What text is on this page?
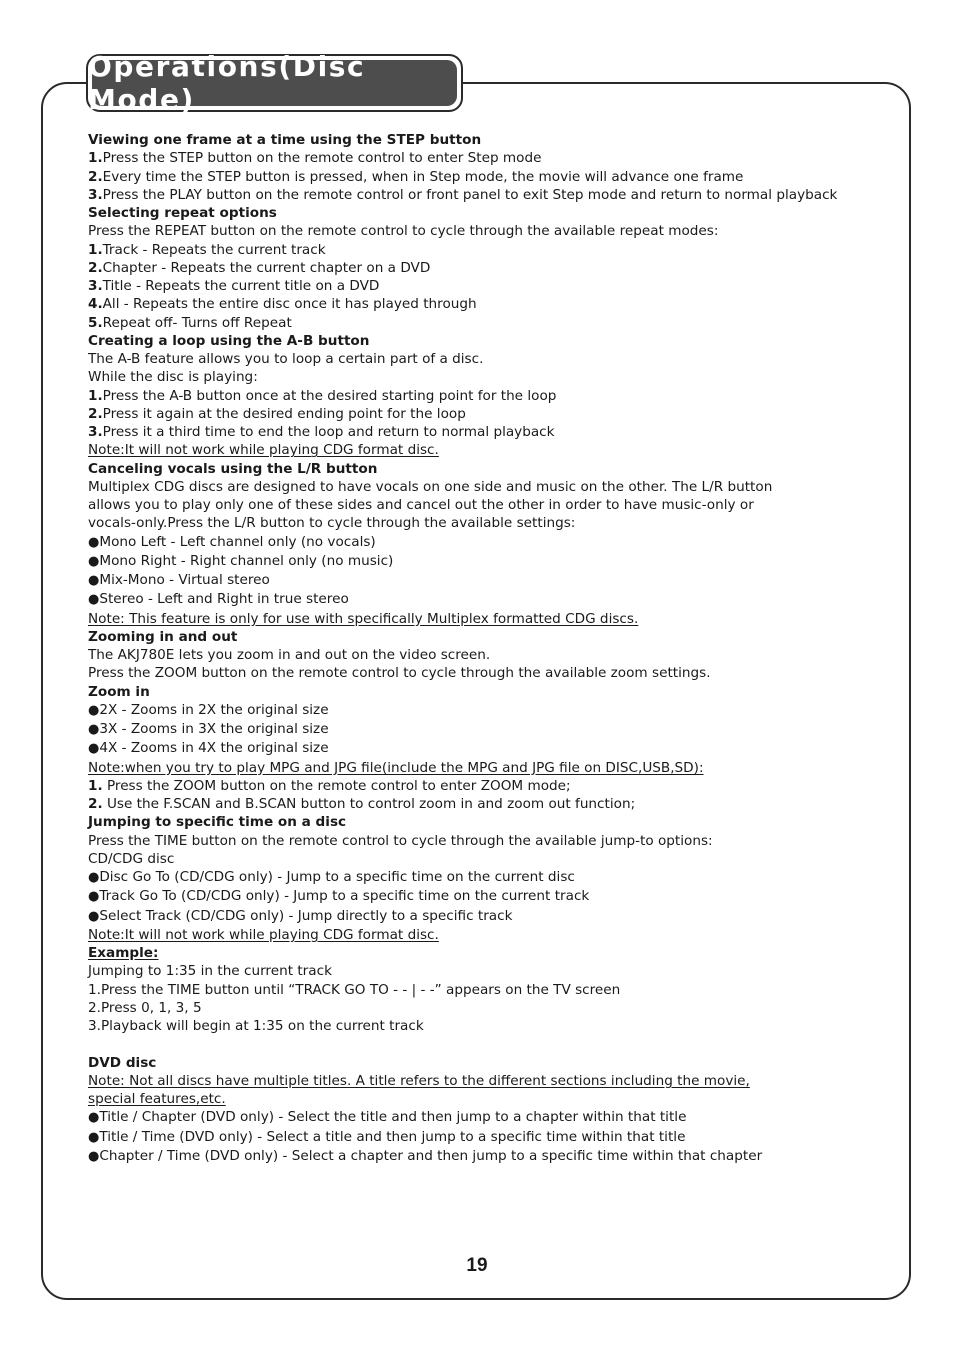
Operations(Disc Mode)
Viewing one frame at a time using the STEP button
1.Press the STEP button on the remote control to enter Step mode
2.Every time the STEP button is pressed, when in Step mode, the movie will advance one frame
3.Press the PLAY button on the remote control or front panel to exit Step mode and return to normal playback
Selecting repeat options
Press the REPEAT button on the remote control to cycle through the available repeat modes:
1.Track - Repeats the current track
2.Chapter - Repeats the current chapter on a DVD
3.Title - Repeats the current title on a DVD
4.All - Repeats the entire disc once it has played through
5.Repeat off- Turns off Repeat
Creating a loop using the A-B button
The A-B feature allows you to loop a certain part of a disc.
While the disc is playing:
1.Press the A-B button once at the desired starting point for the loop
2.Press it again at the desired ending point for the loop
3.Press it a third time to end the loop and return to normal playback
Note:It will not work while playing CDG format disc.
Canceling vocals using the L/R button
Multiplex CDG discs are designed to have vocals on one side and music on the other. The L/R button
allows you to play only one of these sides and cancel out the other in order to have music-only or
vocals-only.Press the L/R button to cycle through the available settings:
●Mono Left - Left channel only (no vocals)
●Mono Right - Right channel only (no music)
●Mix-Mono - Virtual stereo
●Stereo - Left and Right in true stereo
Note: This feature is only for use with specifically Multiplex formatted CDG discs.
Zooming in and out
The AKJ780E lets you zoom in and out on the video screen.
Press the ZOOM button on the remote control to cycle through the available zoom settings.
Zoom in
●2X - Zooms in 2X the original size
●3X - Zooms in 3X the original size
●4X - Zooms in 4X the original size
Note:when you try to play MPG and JPG file(include the MPG and JPG file on DISC,USB,SD):
1. Press the ZOOM button on the remote control to enter ZOOM mode;
2. Use the F.SCAN and B.SCAN button to control zoom in and zoom out function;
Jumping to specific time on a disc
Press the TIME button on the remote control to cycle through the available jump-to options:
CD/CDG disc
●Disc Go To (CD/CDG only) - Jump to a specific time on the current disc
●Track Go To (CD/CDG only) - Jump to a specific time on the current track
●Select Track (CD/CDG only) - Jump directly to a specific track
Note:It will not work while playing CDG format disc.
Example:
Jumping to 1:35 in the current track
1.Press the TIME button until “TRACK GO TO - - | - -” appears on the TV screen
2.Press 0, 1, 3, 5
3.Playback will begin at 1:35 on the current track
DVD disc
Note: Not all discs have multiple titles. A title refers to the different sections including the movie,
special features,etc.
●Title / Chapter (DVD only) - Select the title and then jump to a chapter within that title
●Title / Time (DVD only) - Select a title and then jump to a specific time within that title
●Chapter / Time (DVD only) - Select a chapter and then jump to a specific time within that chapter
19
